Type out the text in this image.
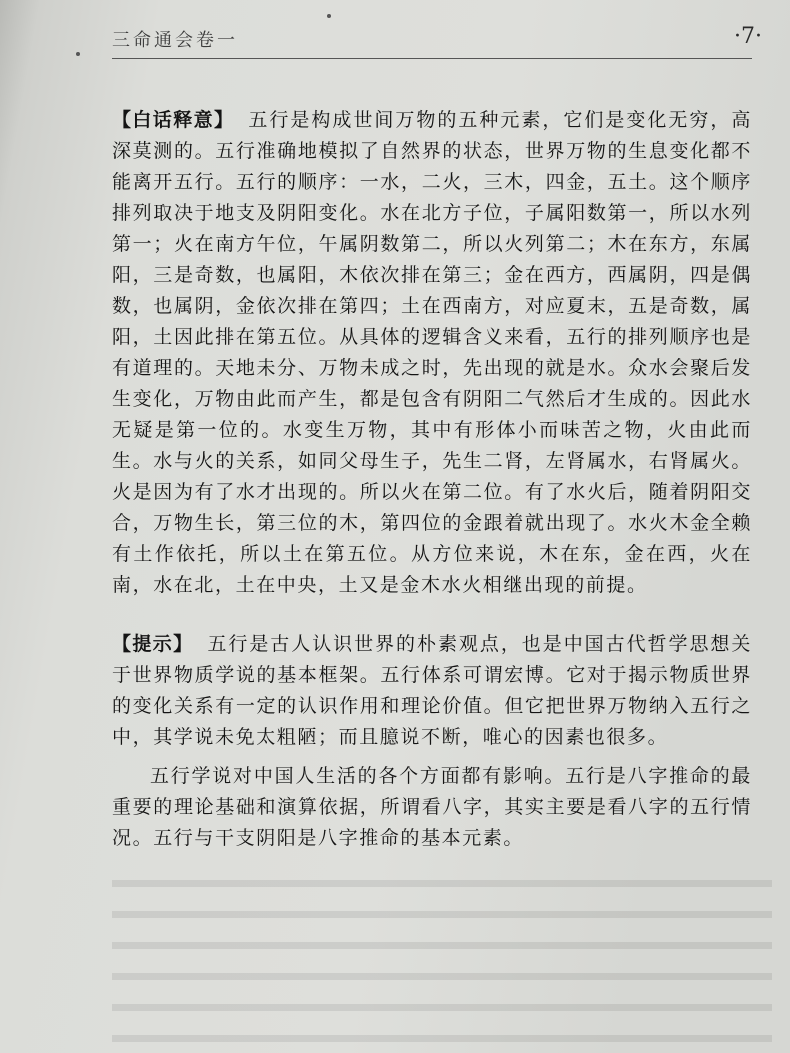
三命通会卷一	·7·

【白话释意】 五行是构成世间万物的五种元素，它们是变化无穷，高深莫测的。五行准确地模拟了自然界的状态，世界万物的生息变化都不能离开五行。五行的顺序：一水，二火，三木，四金，五土。这个顺序排列取决于地支及阴阳变化。水在北方子位，子属阳数第一，所以水列第一；火在南方午位，午属阴数第二，所以火列第二；木在东方，东属阳，三是奇数，也属阳，木依次排在第三；金在西方，西属阴，四是偶数，也属阴，金依次排在第四；土在西南方，对应夏末，五是奇数，属阳，土因此排在第五位。从具体的逻辑含义来看，五行的排列顺序也是有道理的。天地未分、万物未成之时，先出现的就是水。众水会聚后发生变化，万物由此而产生，都是包含有阴阳二气然后才生成的。因此水无疑是第一位的。水变生万物，其中有形体小而味苦之物，火由此而生。水与火的关系，如同父母生子，先生二肾，左肾属水，右肾属火。火是因为有了水才出现的。所以火在第二位。有了水火后，随着阴阳交合，万物生长，第三位的木，第四位的金跟着就出现了。水火木金全赖有土作依托，所以土在第五位。从方位来说，木在东，金在西，火在南，水在北，土在中央，土又是金木水火相继出现的前提。

【提示】 五行是古人认识世界的朴素观点，也是中国古代哲学思想关于世界物质学说的基本框架。五行体系可谓宏博。它对于揭示物质世界的变化关系有一定的认识作用和理论价值。但它把世界万物纳入五行之中，其学说未免太粗陋；而且臆说不断，唯心的因素也很多。

五行学说对中国人生活的各个方面都有影响。五行是八字推命的最重要的理论基础和演算依据，所谓看八字，其实主要是看八字的五行情况。五行与干支阴阳是八字推命的基本元素。
